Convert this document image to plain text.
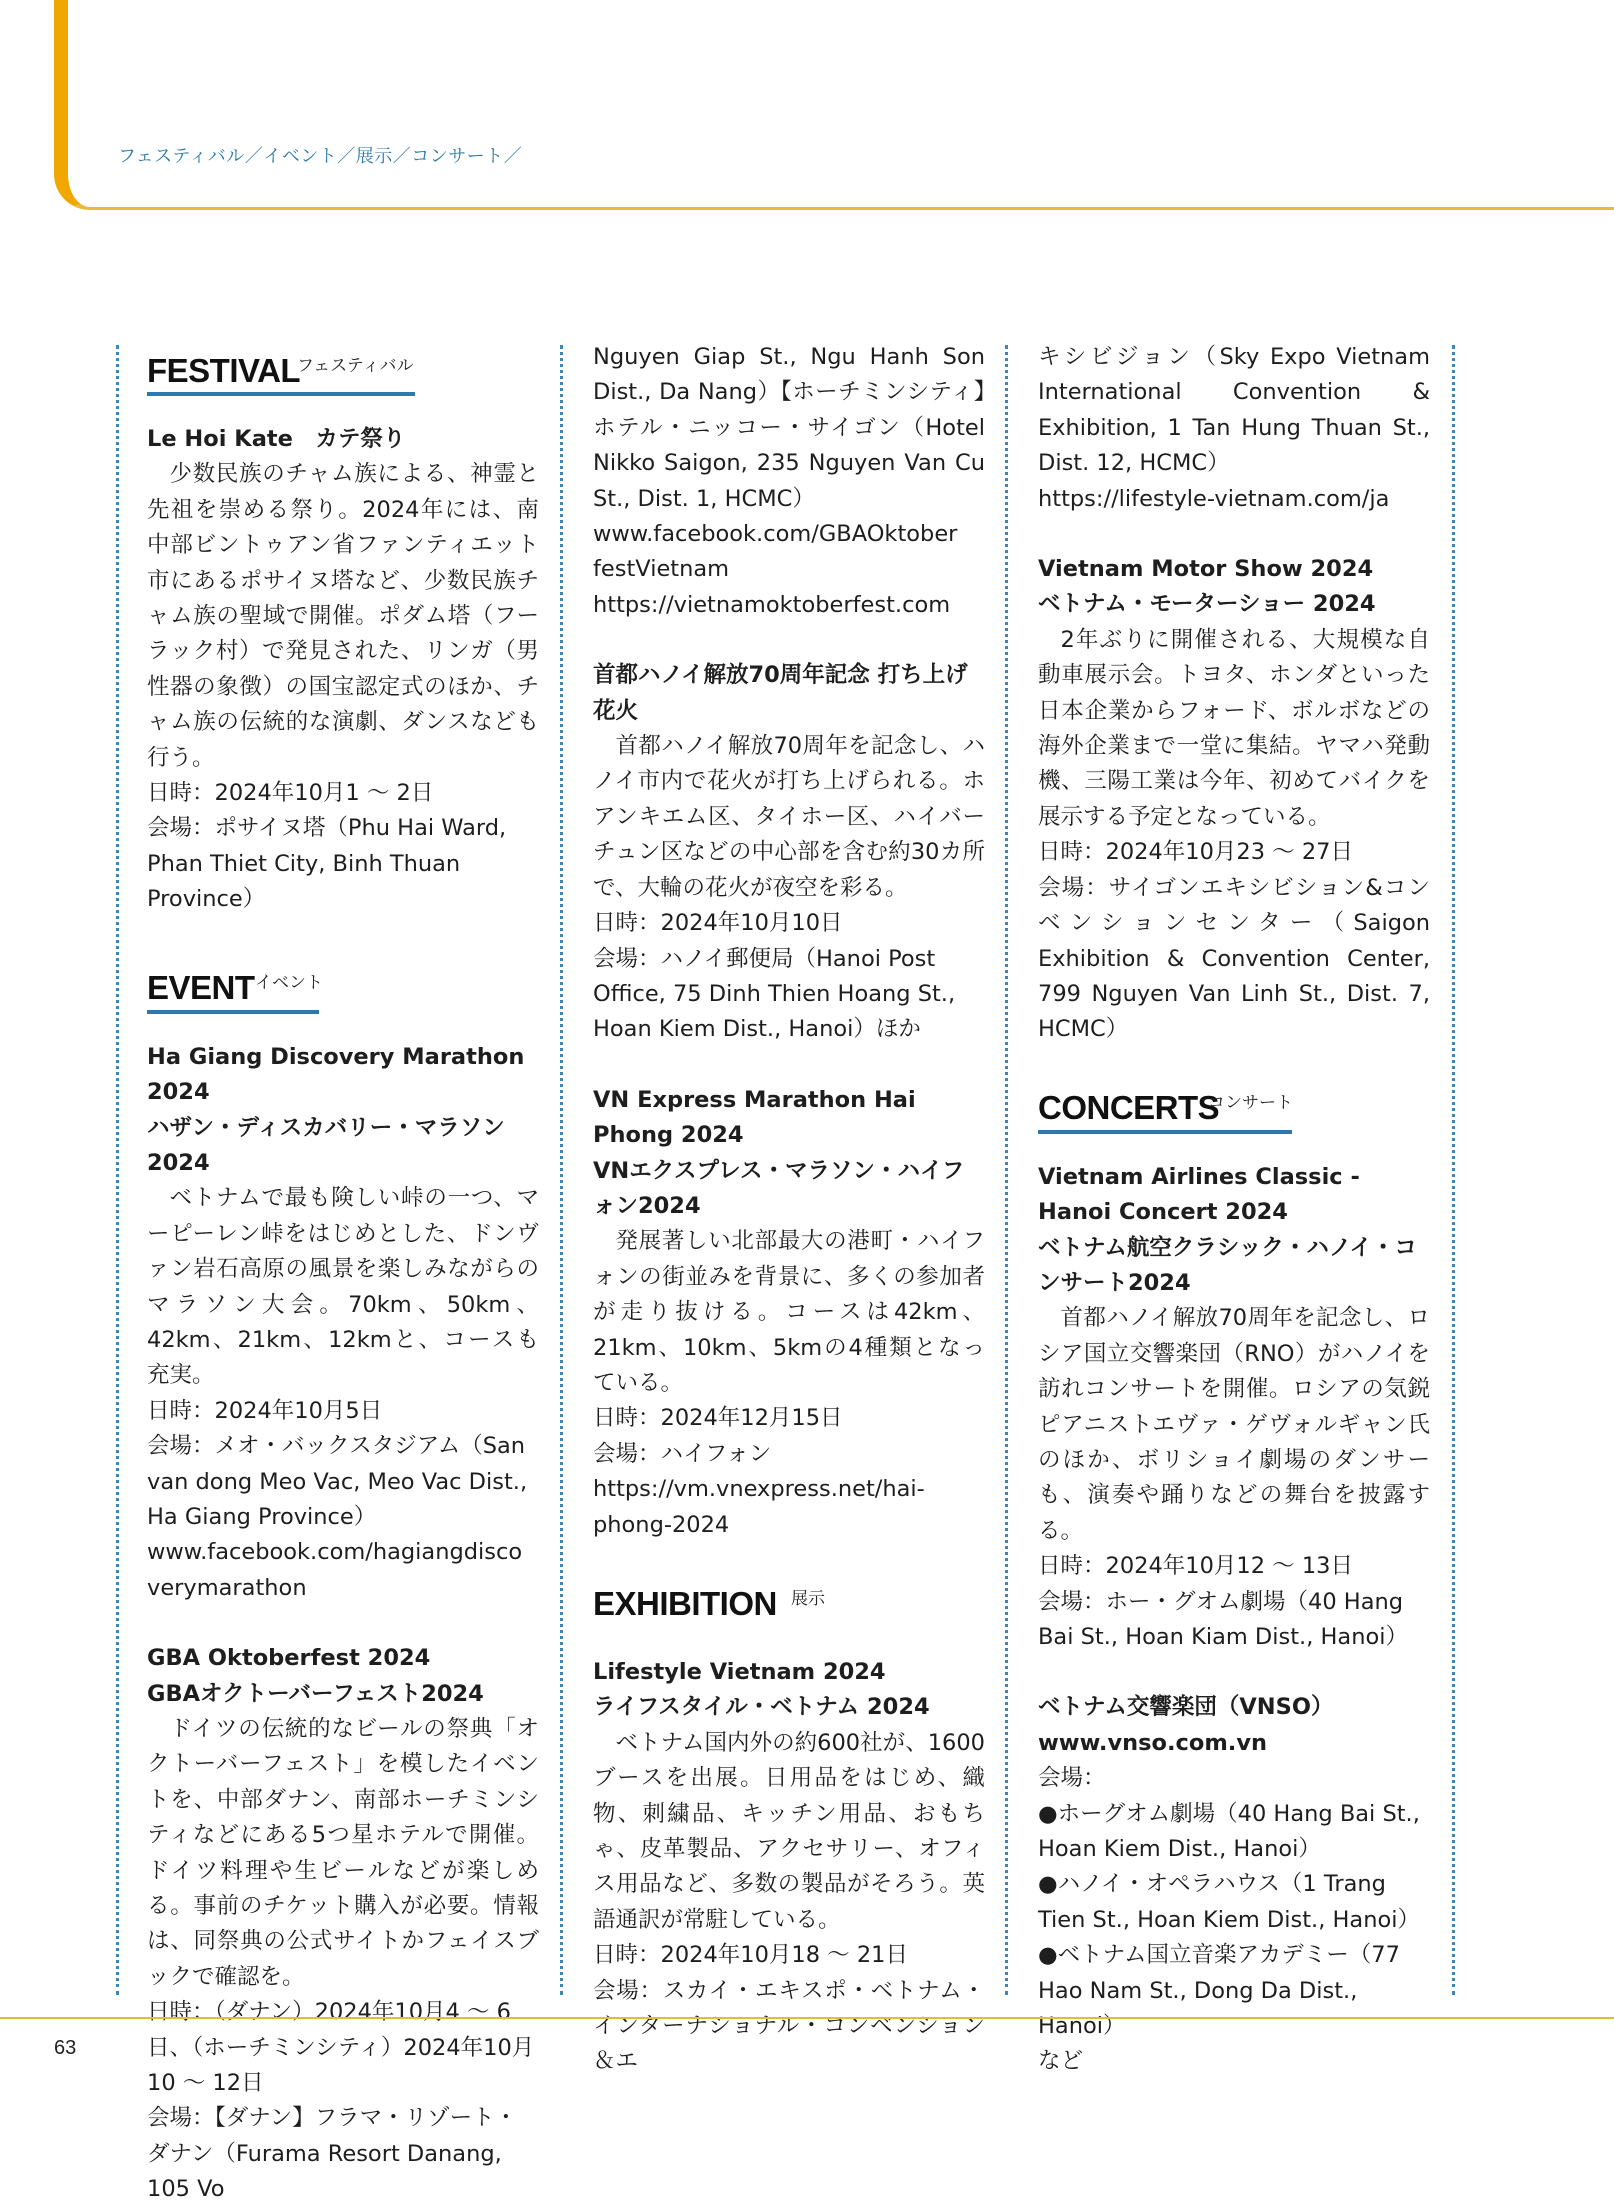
フェスティバル／イベント／展示／コンサート／
FESTIVAL
フェスティバル

Le Hoi Kate　カテ祭り

少数民族のチャム族による、神霊と先祖を崇める祭り。2024年には、南中部ビントゥアン省ファンティエット市にあるポサイヌ塔など、少数民族チャム族の聖域で開催。ポダム塔（フーラック村）で発見された、リンガ（男性器の象徴）の国宝認定式のほか、チャム族の伝統的な演劇、ダンスなども行う。

日時：2024年10月1 ～ 2日

会場：ポサイヌ塔（Phu Hai Ward, Phan Thiet City, Binh Thuan Province）

EVENT イベント

Ha Giang Discovery Marathon 2024

ハザン・ディスカバリー・マラソン2024

ベトナムで最も険しい峠の一つ、マーピーレン峠をはじめとした、ドンヴァン岩石高原の風景を楽しみながらのマラソン大会。70km、50km、42km、21km、12kmと、コースも充実。

日時：2024年10月5日

会場：メオ・バックスタジアム（San van dong Meo Vac, Meo Vac Dist., Ha Giang Province）

www.facebook.com/hagiangdisco

verymarathon

GBA Oktoberfest 2024

GBAオクトーバーフェスト2024

ドイツの伝統的なビールの祭典「オクトーバーフェスト」を模したイベントを、中部ダナン、南部ホーチミンシティなどにある5つ星ホテルで開催。ドイツ料理や生ビールなどが楽しめる。事前のチケット購入が必要。情報は、同祭典の公式サイトかフェイスブックで確認を。

日時：（ダナン）2024年10月4 ～ 6日、（ホーチミンシティ）2024年10月10 ～ 12日

会場：【ダナン】フラマ・リゾート・ダナン（Furama Resort Danang, 105 Vo

Nguyen Giap St., Ngu Hanh Son Dist., Da Nang）【ホーチミンシティ】ホテル・ニッコー・サイゴン（Hotel Nikko Saigon, 235 Nguyen Van Cu St., Dist. 1, HCMC）

www.facebook.com/GBAOktober

festVietnam

https://vietnamoktoberfest.com

首都ハノイ解放70周年記念 打ち上げ花火

首都ハノイ解放70周年を記念し、ハノイ市内で花火が打ち上げられる。ホアンキエム区、タイホー区、ハイバーチュン区などの中心部を含む約30カ所で、大輪の花火が夜空を彩る。

日時：2024年10月10日

会場：ハノイ郵便局（Hanoi Post Office, 75 Dinh Thien Hoang St., Hoan Kiem Dist., Hanoi）ほか

VN Express Marathon Hai Phong 2024

VNエクスプレス・マラソン・ハイフォン2024

発展著しい北部最大の港町・ハイフォンの街並みを背景に、多くの参加者が走り抜ける。コースは42km、21km、10km、5kmの4種類となっている。

日時：2024年12月15日

会場：ハイフォン

https://vm.vnexpress.net/hai-

phong-2024

EXHIBITION 展示

Lifestyle Vietnam 2024

ライフスタイル・ベトナム 2024

ベトナム国内外の約600社が、1600ブースを出展。日用品をはじめ、織物、刺繍品、キッチン用品、おもちゃ、皮革製品、アクセサリー、オフィス用品など、多数の製品がそろう。英語通訳が常駐している。

日時：2024年10月18 ～ 21日

会場：スカイ・エキスポ・ベトナム・インターナショナル・コンベンション＆エ

キシビジョン（Sky Expo Vietnam International Convention & Exhibition, 1 Tan Hung Thuan St., Dist. 12, HCMC）

https://lifestyle-vietnam.com/ja

Vietnam Motor Show 2024

ベトナム・モーターショー 2024

2年ぶりに開催される、大規模な自動車展示会。トヨタ、ホンダといった日本企業からフォード、ボルボなどの海外企業まで一堂に集結。ヤマハ発動機、三陽工業は今年、初めてバイクを展示する予定となっている。

日時：2024年10月23 ～ 27日

会場：サイゴンエキシビション&コンベンションセンター（Saigon Exhibition & Convention Center, 799 Nguyen Van Linh St., Dist. 7, HCMC）

CONCERTS
コンサート

Vietnam Airlines Classic - Hanoi Concert 2024

ベトナム航空クラシック・ハノイ・コンサート2024

首都ハノイ解放70周年を記念し、ロシア国立交響楽団（RNO）がハノイを訪れコンサートを開催。ロシアの気鋭ピアニストエヴァ・ゲヴォルギャン氏のほか、ボリショイ劇場のダンサーも、演奏や踊りなどの舞台を披露する。

日時：2024年10月12 ～ 13日

会場：ホー・グオム劇場（40 Hang Bai St., Hoan Kiam Dist., Hanoi）

ベトナム交響楽団（VNSO）

www.vnso.com.vn

会場：

●ホーグオム劇場（40 Hang Bai St., Hoan Kiem Dist., Hanoi）

●ハノイ・オペラハウス（1 Trang Tien St., Hoan Kiem Dist., Hanoi）

●ベトナム国立音楽アカデミー（77 Hao Nam St., Dong Da Dist., Hanoi）

など

63
